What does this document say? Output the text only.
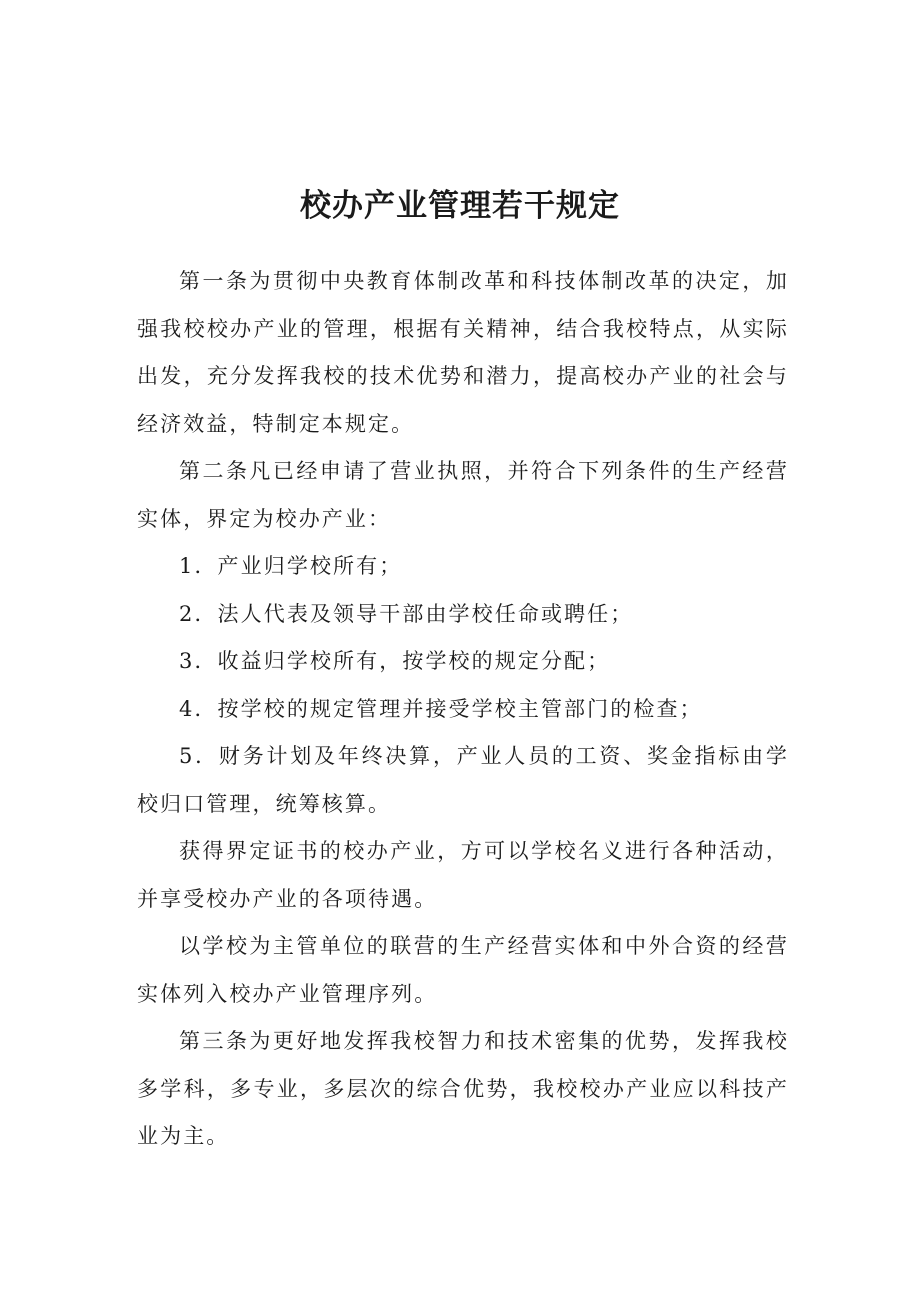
校办产业管理若干规定

第一条为贯彻中央教育体制改革和科技体制改革的决定，加强我校校办产业的管理，根据有关精神，结合我校特点，从实际出发，充分发挥我校的技术优势和潜力，提高校办产业的社会与经济效益，特制定本规定。

第二条凡已经申请了营业执照，并符合下列条件的生产经营实体，界定为校办产业：

1．产业归学校所有；

2．法人代表及领导干部由学校任命或聘任；

3．收益归学校所有，按学校的规定分配；

4．按学校的规定管理并接受学校主管部门的检查；

5．财务计划及年终决算，产业人员的工资、奖金指标由学校归口管理，统筹核算。

获得界定证书的校办产业，方可以学校名义进行各种活动，并享受校办产业的各项待遇。

以学校为主管单位的联营的生产经营实体和中外合资的经营实体列入校办产业管理序列。

第三条为更好地发挥我校智力和技术密集的优势，发挥我校多学科，多专业，多层次的综合优势，我校校办产业应以科技产业为主。
